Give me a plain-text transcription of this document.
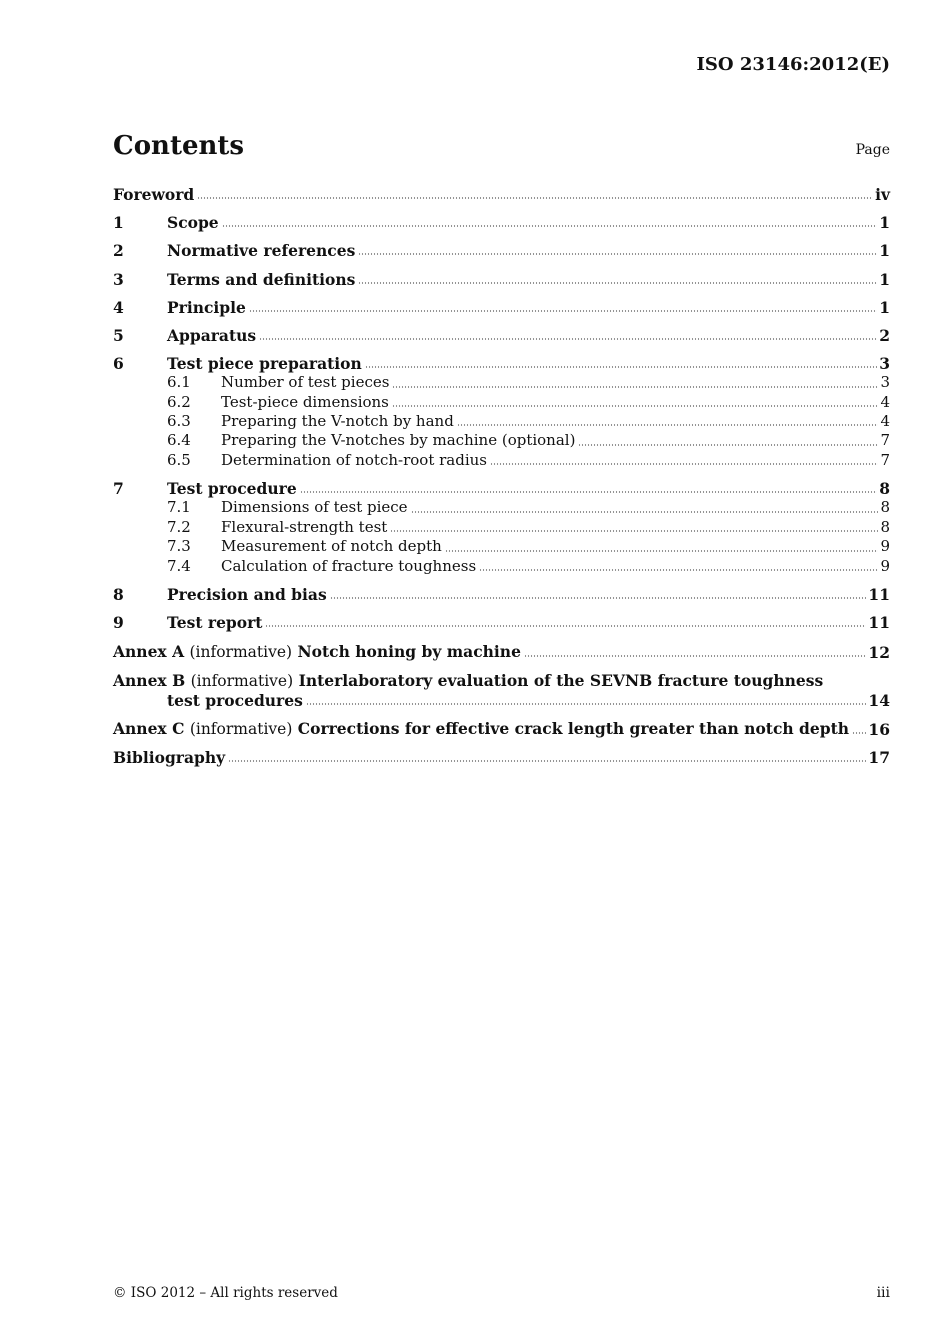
ISO 23146:2012(E)
Contents	Page
Foreword	iv
1	Scope	1
2	Normative references	1
3	Terms and definitions	1
4	Principle	1
5	Apparatus	2
6	Test piece preparation	3
6.1	Number of test pieces	3
6.2	Test-piece dimensions	4
6.3	Preparing the V-notch by hand	4
6.4	Preparing the V-notches by machine (optional)	7
6.5	Determination of notch-root radius	7
7	Test procedure	8
7.1	Dimensions of test piece	8
7.2	Flexural-strength test	8
7.3	Measurement of notch depth	9
7.4	Calculation of fracture toughness	9
8	Precision and bias	11
9	Test report	11
Annex A (informative) Notch honing by machine	12
Annex B (informative) Interlaboratory evaluation of the SEVNB fracture toughness
test procedures	14
Annex C (informative) Corrections for effective crack length greater than notch depth 16
Bibliography	17
© ISO 2012 – All rights reserved	iii
